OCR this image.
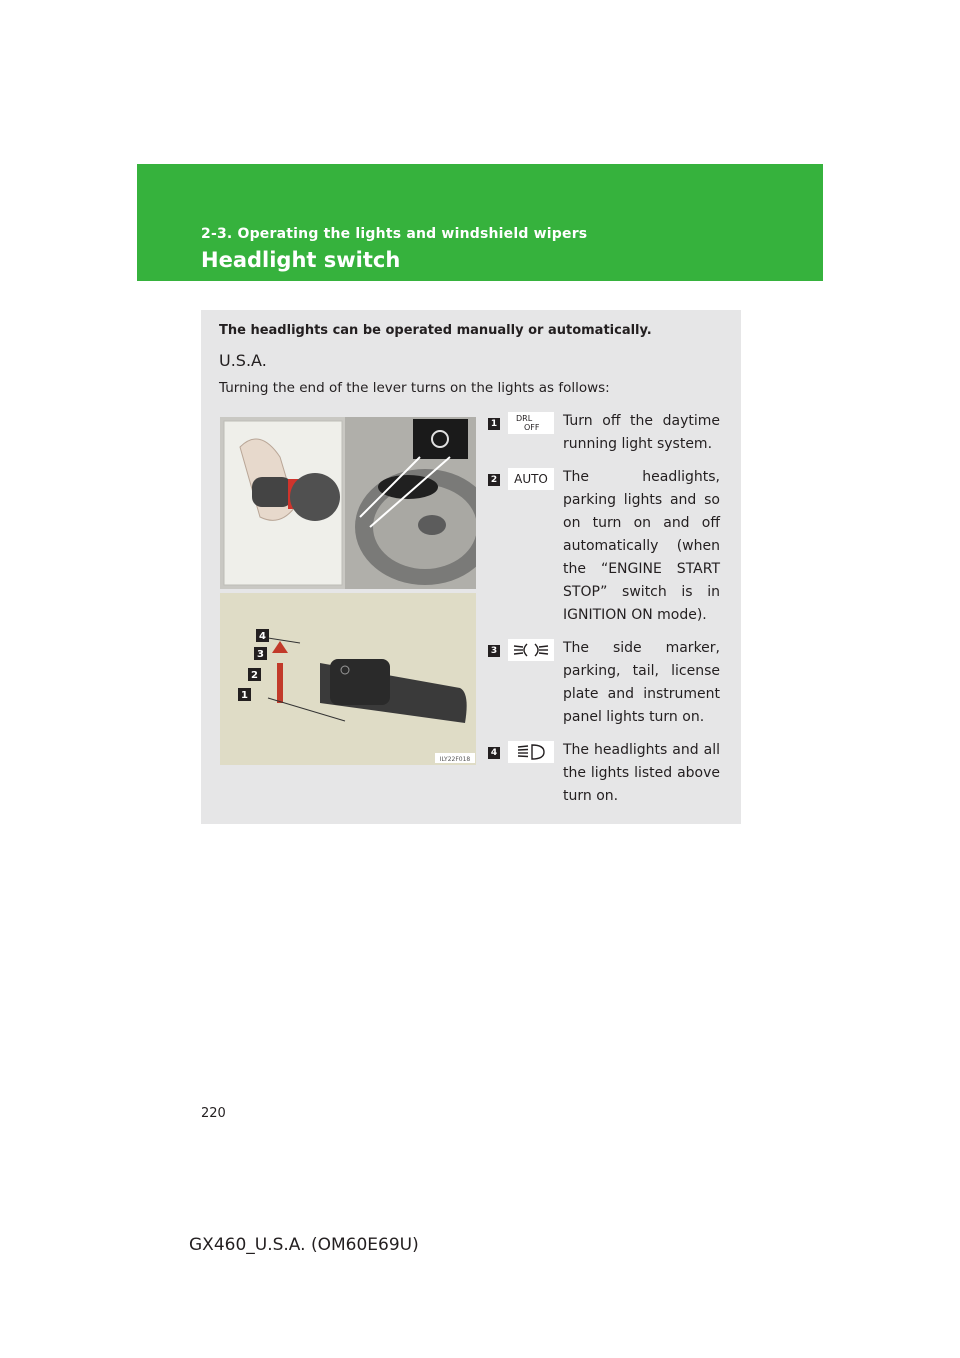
2-3. Operating the lights and windshield wipers
Headlight switch
The headlights can be operated manually or automatically.
U.S.A.
Turning the end of the lever turns on the lights as follows:
ILY22F018
4
3
2
1
1
DRL
OFF	Turn off the daytime running light system.
2	AUTO	The headlights, parking lights and so on turn on and off automatically (when the “ENGINE START STOP” switch is in IGNITION ON mode).
3	The side marker, parking, tail, license plate and instrument panel lights turn on.
4	The headlights and all the lights listed above turn on.
220
GX460_U.S.A. (OM60E69U)
